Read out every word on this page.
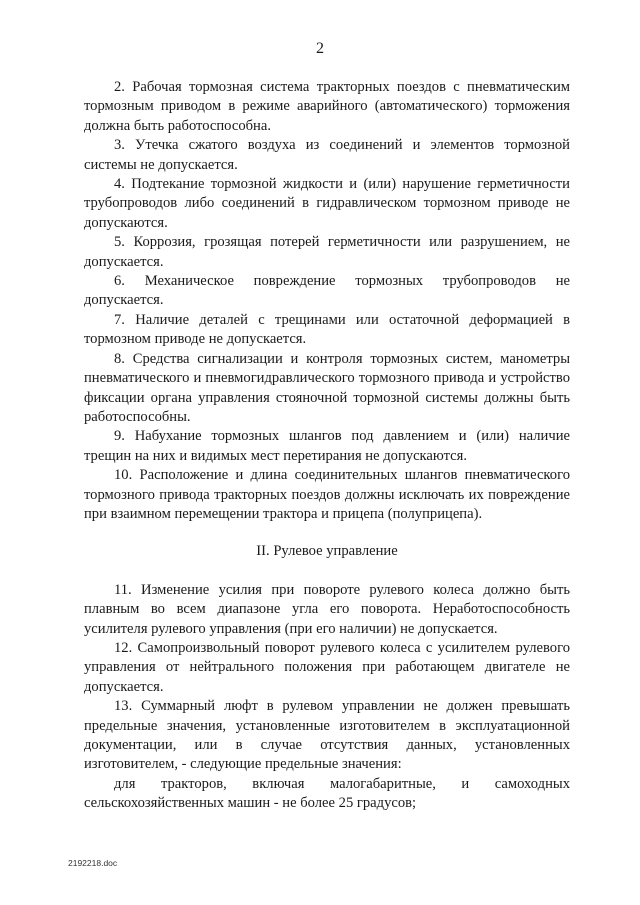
2

2. Рабочая тормозная система тракторных поездов с пневматическим тормозным приводом в режиме аварийного (автоматического) торможения должна быть работоспособна.

3. Утечка сжатого воздуха из соединений и элементов тормозной системы не допускается.

4. Подтекание тормозной жидкости и (или) нарушение герметичности трубопроводов либо соединений в гидравлическом тормозном приводе не допускаются.

5. Коррозия, грозящая потерей герметичности или разрушением, не допускается.

6. Механическое повреждение тормозных трубопроводов не допускается.

7. Наличие деталей с трещинами или остаточной деформацией в тормозном приводе не допускается.

8. Средства сигнализации и контроля тормозных систем, манометры пневматического и пневмогидравлического тормозного привода и устройство фиксации органа управления стояночной тормозной системы должны быть работоспособны.

9. Набухание тормозных шлангов под давлением и (или) наличие трещин на них и видимых мест перетирания не допускаются.

10. Расположение и длина соединительных шлангов пневматического тормозного привода тракторных поездов должны исключать их повреждение при взаимном перемещении трактора и прицепа (полуприцепа).

II. Рулевое управление

11. Изменение усилия при повороте рулевого колеса должно быть плавным во всем диапазоне угла его поворота. Неработоспособность усилителя рулевого управления (при его наличии) не допускается.

12. Самопроизвольный поворот рулевого колеса с усилителем рулевого управления от нейтрального положения при работающем двигателе не допускается.

13. Суммарный люфт в рулевом управлении не должен превышать предельные значения, установленные изготовителем в эксплуатационной документации, или в случае отсутствия данных, установленных изготовителем, - следующие предельные значения:

для тракторов, включая малогабаритные, и самоходных сельскохозяйственных машин - не более 25 градусов;

2192218.doc
